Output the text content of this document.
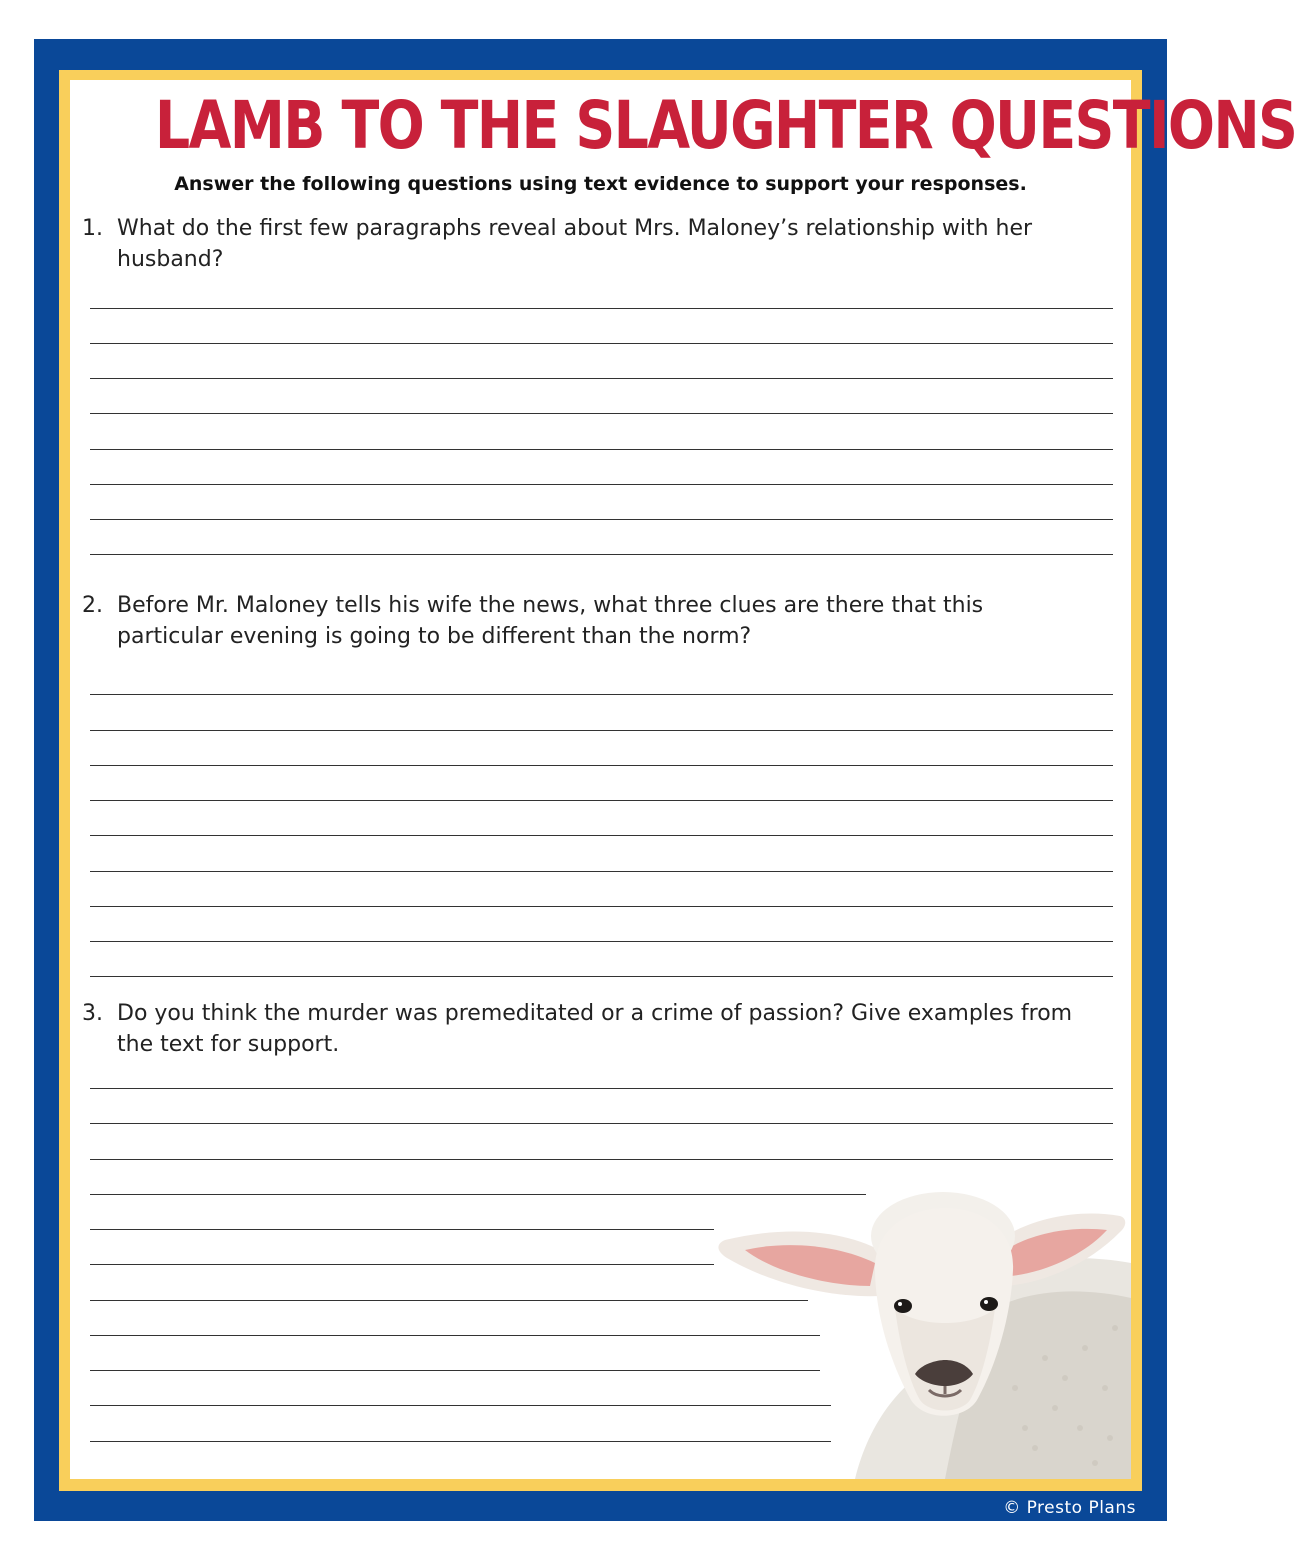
LAMB TO THE SLAUGHTER QUESTIONS
Answer the following questions using text evidence to support your responses.
1. What do the first few paragraphs reveal about Mrs. Maloney’s relationship with her husband?
2. Before Mr. Maloney tells his wife the news, what three clues are there that this particular evening is going to be different than the norm?
3. Do you think the murder was premeditated or a crime of passion? Give examples from the text for support.
© Presto Plans
